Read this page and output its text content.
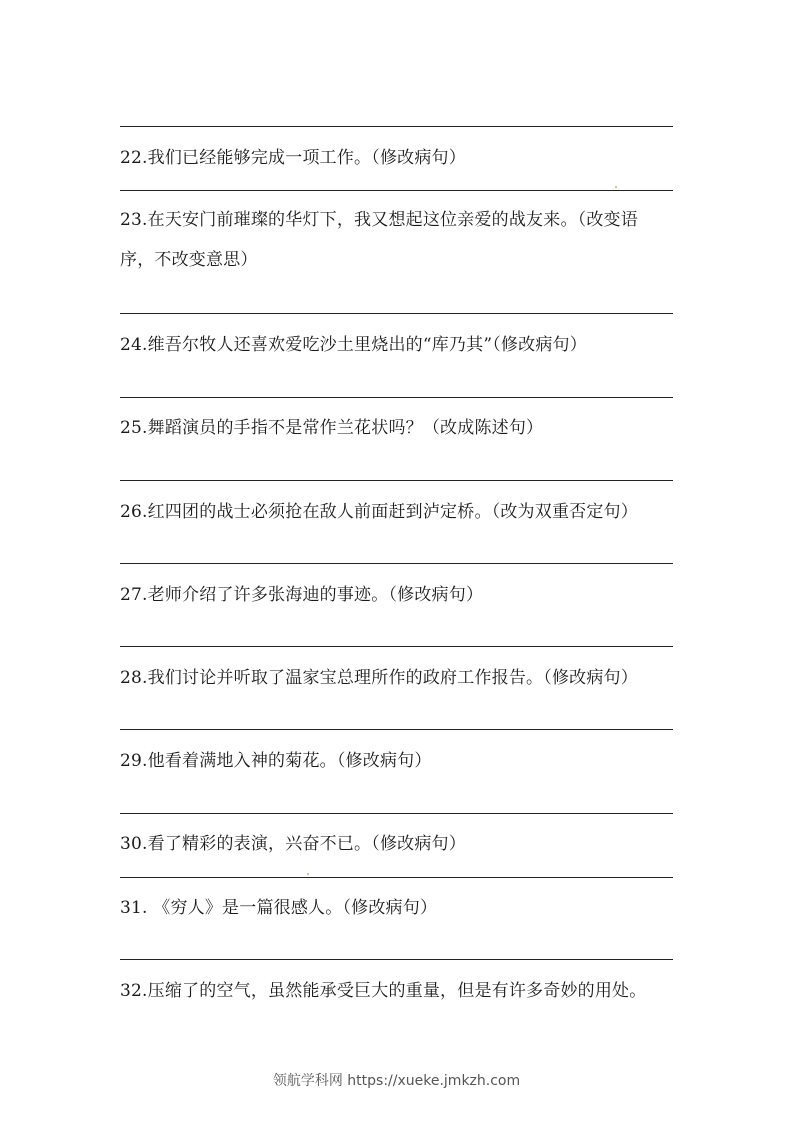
22.我们已经能够完成一项工作。（修改病句）
23.在天安门前璀璨的华灯下，我又想起这位亲爱的战友来。（改变语
序，不改变意思）
24.维吾尔牧人还喜欢爱吃沙土里烧出的“库乃其”（修改病句）
25.舞蹈演员的手指不是常作兰花状吗？（改成陈述句）
26.红四团的战士必须抢在敌人前面赶到泸定桥。（改为双重否定句）
27.老师介绍了许多张海迪的事迹。（修改病句）
28.我们讨论并听取了温家宝总理所作的政府工作报告。（修改病句）
29.他看着满地入神的菊花。（修改病句）
30.看了精彩的表演，兴奋不已。（修改病句）
31. 《穷人》是一篇很感人。（修改病句）
32.压缩了的空气，虽然能承受巨大的重量，但是有许多奇妙的用处。
领航学科网 https://xueke.jmkzh.com
